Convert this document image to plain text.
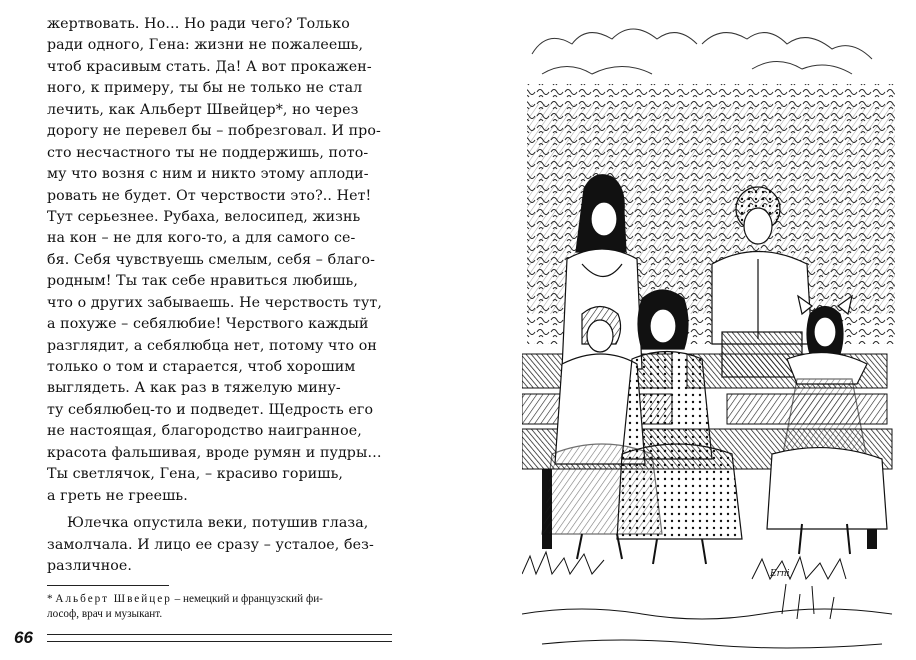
жертвовать. Но… Но ради чего? Только
ради одного, Гена: жизни не пожалеешь,
чтоб красивым стать. Да! А вот прокажен-
ного, к примеру, ты бы не только не стал
лечить, как Альберт Швейцер*, но через
дорогу не перевел бы – побрезговал. И про-
сто несчастного ты не поддержишь, пото-
му что возня с ним и никто этому аплоди-
ровать не будет. От черствости это?.. Нет!
Тут серьезнее. Рубаха, велосипед, жизнь
на кон – не для кого-то, а для самого се-
бя. Себя чувствуешь смелым, себя – благо-
родным! Ты так себе нравиться любишь,
что о других забываешь. Не черствость тут,
а похуже – себялюбие! Черствого каждый
разглядит, а себялюбца нет, потому что он
только о том и старается, чтоб хорошим
выглядеть. А как раз в тяжелую мину-
ту себялюбец-то и подведет. Щедрость его
не настоящая, благородство наигранное,
красота фальшивая, вроде румян и пудры…
Ты светлячок, Гена, – красиво горишь,
а греть не греешь.
Юлечка опустила веки, потушив глаза,
замолчала. И лицо ее сразу – усталое, без-
различное.
* Альберт Швейцер – немецкий и французский фи-
лософ, врач и музыкант.
66
Erni
